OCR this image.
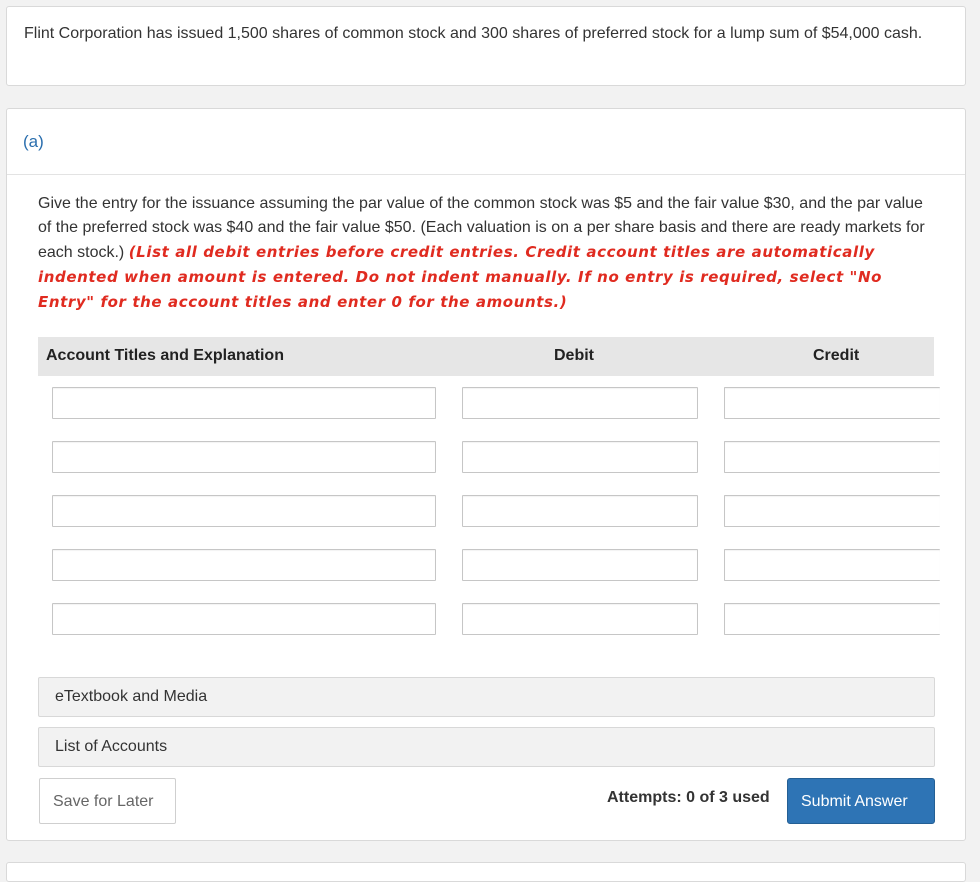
Flint Corporation has issued 1,500 shares of common stock and 300 shares of preferred stock for a lump sum of $54,000 cash.
(a)
Give the entry for the issuance assuming the par value of the common stock was $5 and the fair value $30, and the par value of the preferred stock was $40 and the fair value $50. (Each valuation is on a per share basis and there are ready markets for each stock.) (List all debit entries before credit entries. Credit account titles are automatically indented when amount is entered. Do not indent manually. If no entry is required, select "No Entry" for the account titles and enter 0 for the amounts.)
Account Titles and Explanation	Debit	Credit
eTextbook and Media
List of Accounts
Save for Later	Attempts: 0 of 3 used	Submit Answer
